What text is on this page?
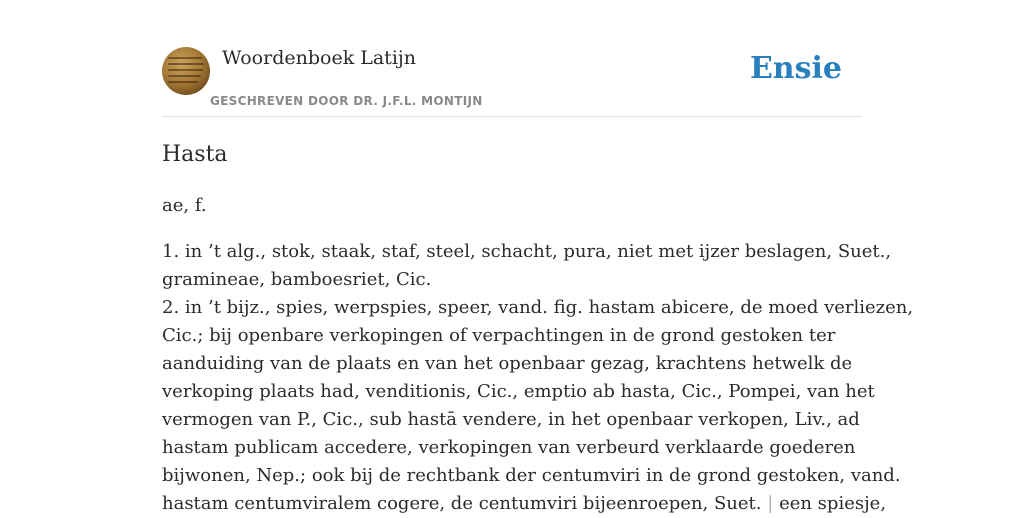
Woordenboek Latijn
GESCHREVEN DOOR DR. J.F.L. MONTIJN
Ensie
Hasta
ae, f.
1. in ’t alg., stok, staak, staf, steel, schacht, pura, niet met ijzer beslagen, Suet.,
gramineae, bamboesriet, Cic.
2. in ’t bijz., spies, werpspies, speer, vand. fig. hastam abicere, de moed verliezen,
Cic.; bij openbare verkopingen of verpachtingen in de grond gestoken ter
aanduiding van de plaats en van het openbaar gezag, krachtens hetwelk de
verkoping plaats had, venditionis, Cic., emptio ab hasta, Cic., Pompei, van het
vermogen van P., Cic., sub hastā vendere, in het openbaar verkopen, Liv., ad
hastam publicam accedere, verkopingen van verbeurd verklaarde goederen
bijwonen, Nep.; ook bij de rechtbank der centumviri in de grond gestoken, vand.
hastam centumviralem cogere, de centumviri bijeenroepen, Suet. | een spiesje,
